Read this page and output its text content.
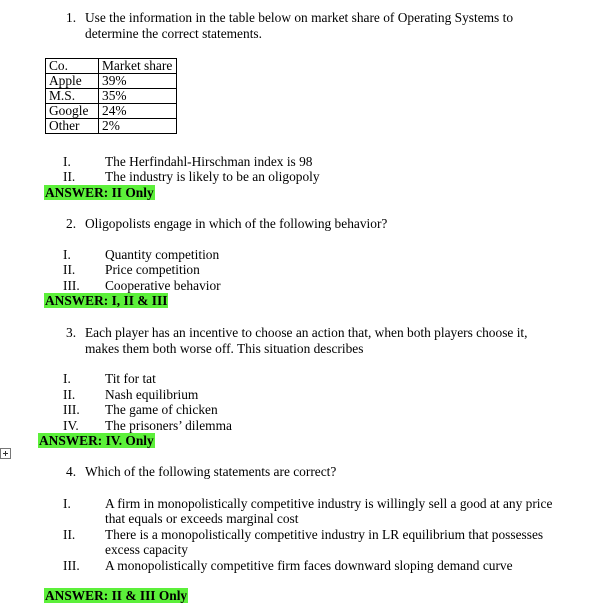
1. Use the information in the table below on market share of Operating Systems to
determine the correct statements.
Co.	Market share
Apple	39%
M.S.	35%
Google	24%
Other	2%
I.	The Herfindahl-Hirschman index is 98
II. The industry is likely to be an oligopoly
ANSWER: II Only
2. Oligopolists engage in which of the following behavior?
I.	Quantity competition
II. Price competition
III. Cooperative behavior
ANSWER: I, II & III
3. Each player has an incentive to choose an action that, when both players choose it,
makes them both worse off. This situation describes
I.	Tit for tat
II. Nash equilibrium
III. The game of chicken
IV. The prisoners’ dilemma
ANSWER: IV. Only
4. Which of the following statements are correct?
I.	A firm in monopolistically competitive industry is willingly sell a good at any price
that equals or exceeds marginal cost
II. There is a monopolistically competitive industry in LR equilibrium that possesses
excess capacity
III. A monopolistically competitive firm faces downward sloping demand curve
ANSWER: II & III Only
